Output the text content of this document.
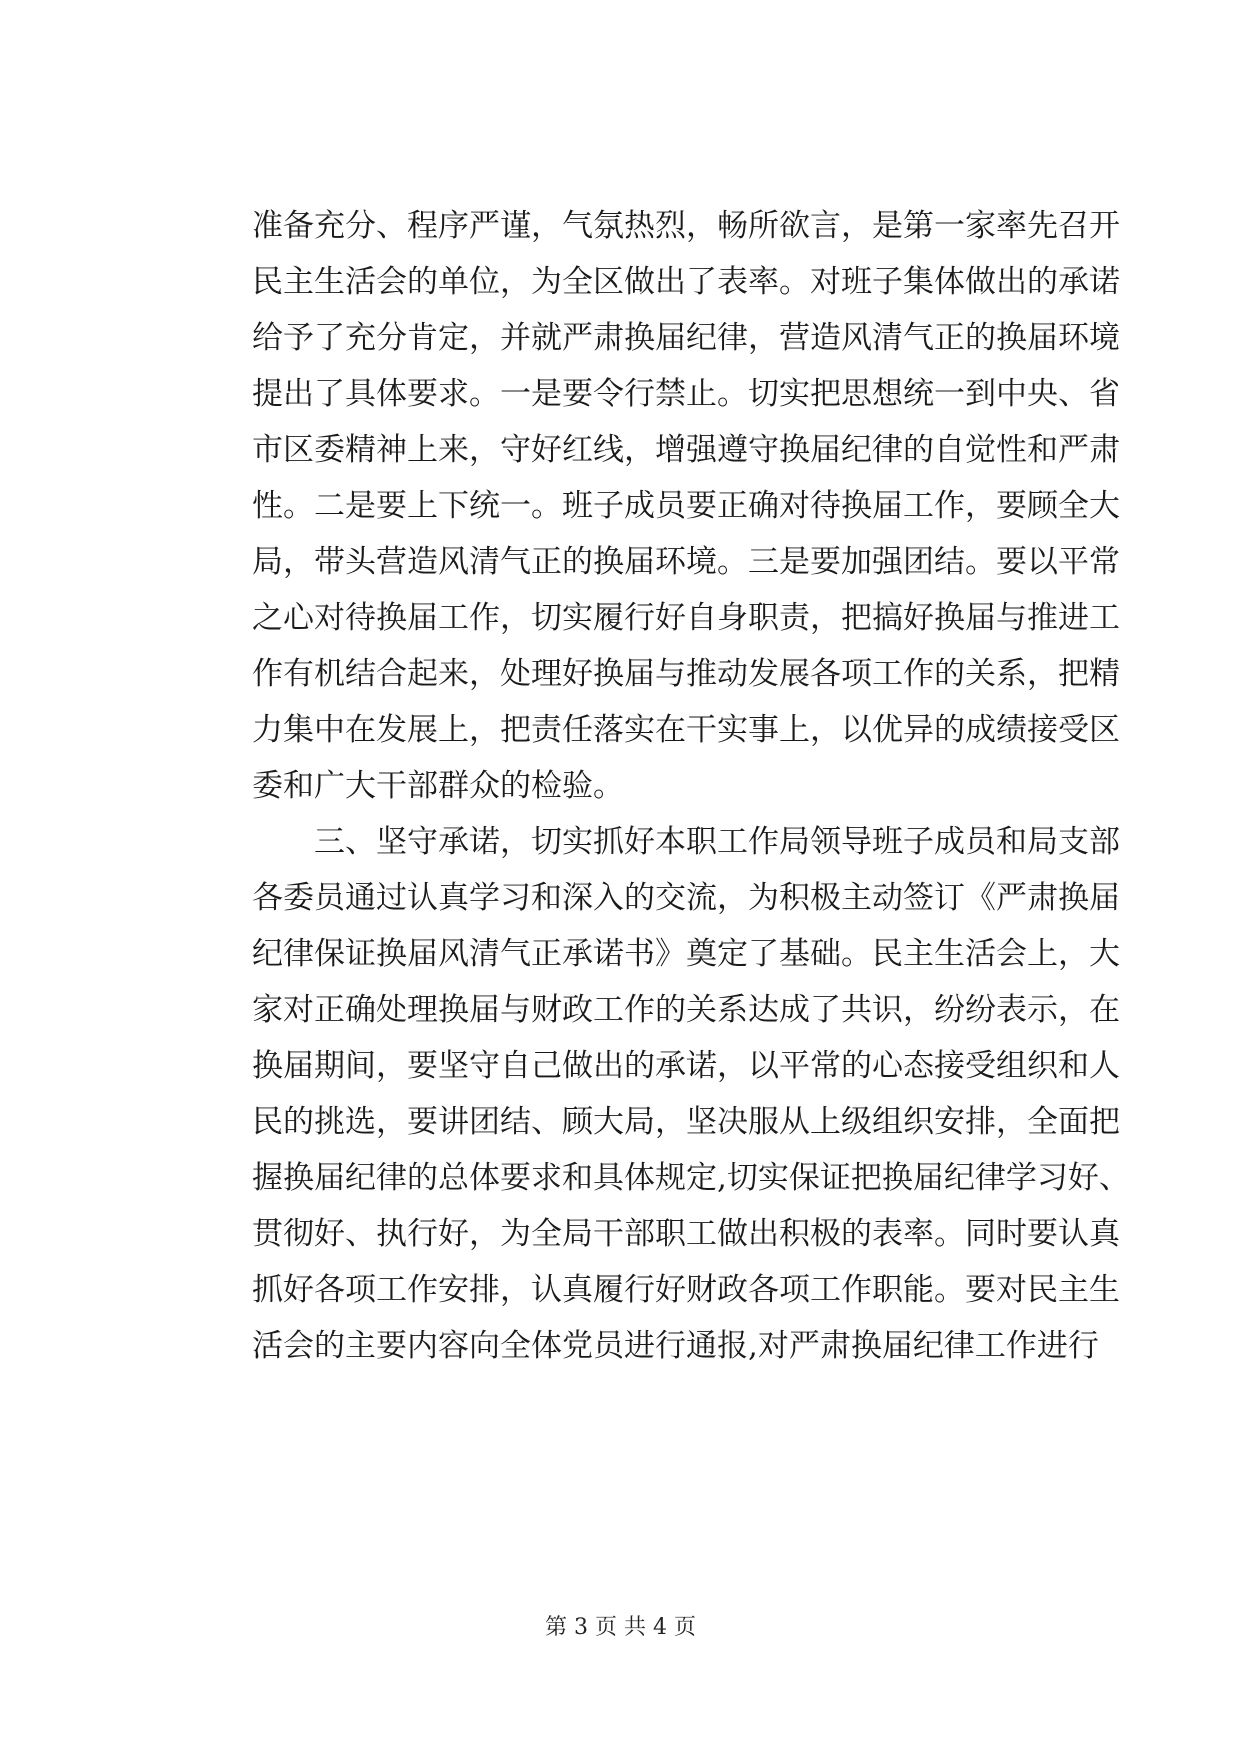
准备充分、程序严谨，气氛热烈，畅所欲言，是第一家率先召开
民主生活会的单位，为全区做出了表率。对班子集体做出的承诺
给予了充分肯定，并就严肃换届纪律，营造风清气正的换届环境
提出了具体要求。一是要令行禁止。切实把思想统一到中央、省
市区委精神上来，守好红线，增强遵守换届纪律的自觉性和严肃
性。二是要上下统一。班子成员要正确对待换届工作，要顾全大
局，带头营造风清气正的换届环境。三是要加强团结。要以平常
之心对待换届工作，切实履行好自身职责，把搞好换届与推进工
作有机结合起来，处理好换届与推动发展各项工作的关系，把精
力集中在发展上，把责任落实在干实事上，以优异的成绩接受区
委和广大干部群众的检验。
三、坚守承诺，切实抓好本职工作局领导班子成员和局支部
各委员通过认真学习和深入的交流，为积极主动签订《严肃换届
纪律保证换届风清气正承诺书》奠定了基础。民主生活会上，大
家对正确处理换届与财政工作的关系达成了共识，纷纷表示，在
换届期间，要坚守自己做出的承诺，以平常的心态接受组织和人
民的挑选，要讲团结、顾大局，坚决服从上级组织安排，全面把
握换届纪律的总体要求和具体规定,切实保证把换届纪律学习好、
贯彻好、执行好，为全局干部职工做出积极的表率。同时要认真
抓好各项工作安排，认真履行好财政各项工作职能。要对民主生
活会的主要内容向全体党员进行通报,对严肃换届纪律工作进行
第 3 页 共 4 页
